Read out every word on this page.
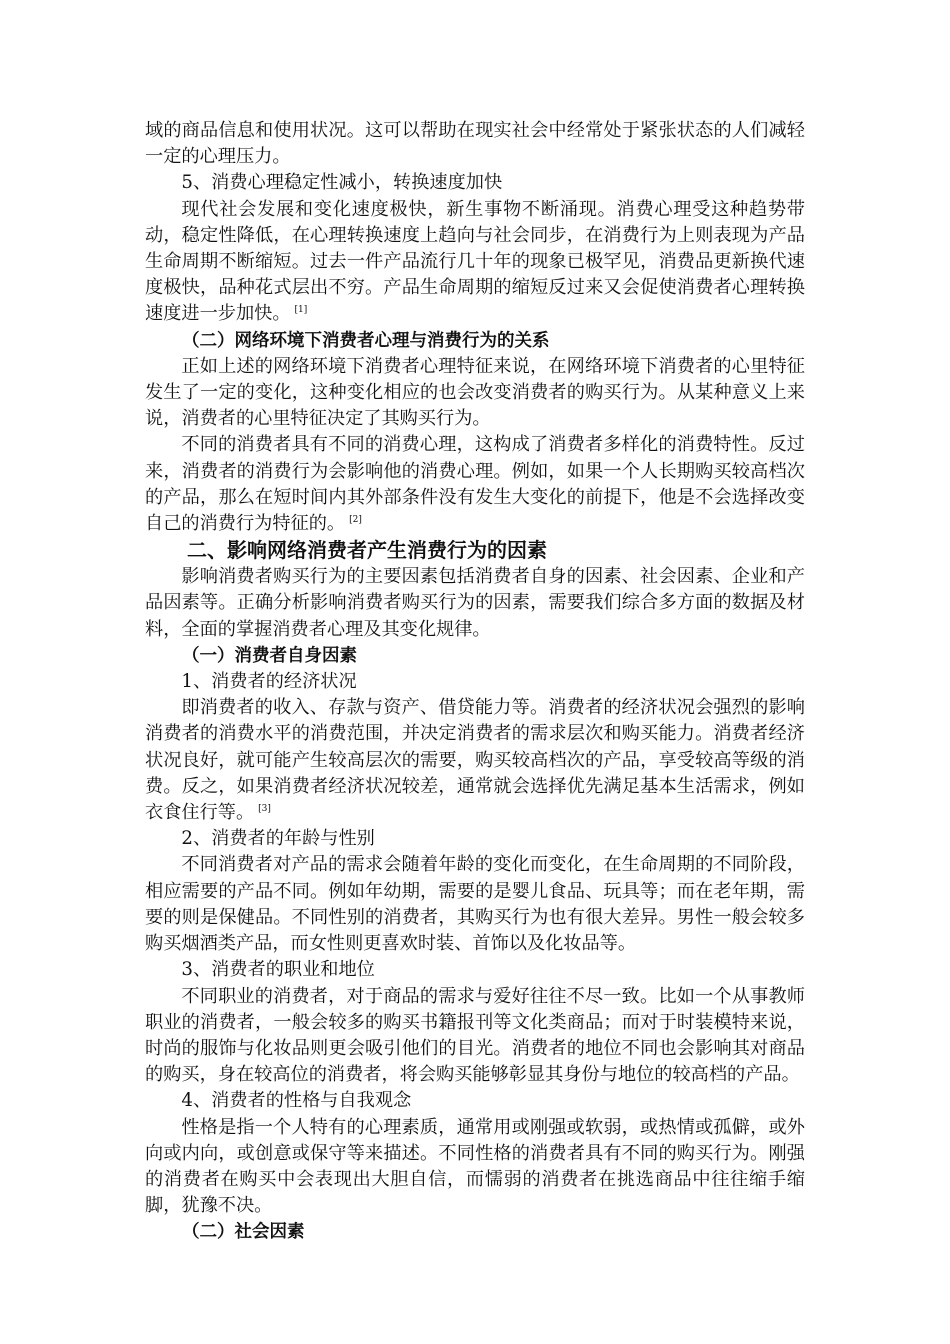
域的商品信息和使用状况。这可以帮助在现实社会中经常处于紧张状态的人们减轻一定的心理压力。

5、消费心理稳定性减小，转换速度加快

现代社会发展和变化速度极快，新生事物不断涌现。消费心理受这种趋势带动，稳定性降低，在心理转换速度上趋向与社会同步，在消费行为上则表现为产品生命周期不断缩短。过去一件产品流行几十年的现象已极罕见，消费品更新换代速度极快，品种花式层出不穷。产品生命周期的缩短反过来又会促使消费者心理转换速度进一步加快。 [1]

（二）网络环境下消费者心理与消费行为的关系

正如上述的网络环境下消费者心理特征来说，在网络环境下消费者的心里特征发生了一定的变化，这种变化相应的也会改变消费者的购买行为。从某种意义上来说，消费者的心里特征决定了其购买行为。

不同的消费者具有不同的消费心理，这构成了消费者多样化的消费特性。反过来，消费者的消费行为会影响他的消费心理。例如，如果一个人长期购买较高档次的产品，那么在短时间内其外部条件没有发生大变化的前提下，他是不会选择改变自己的消费行为特征的。 [2]

二、影响网络消费者产生消费行为的因素

影响消费者购买行为的主要因素包括消费者自身的因素、社会因素、企业和产品因素等。正确分析影响消费者购买行为的因素，需要我们综合多方面的数据及材料，全面的掌握消费者心理及其变化规律。

（一）消费者自身因素

1、消费者的经济状况

即消费者的收入、存款与资产、借贷能力等。消费者的经济状况会强烈的影响消费者的消费水平的消费范围，并决定消费者的需求层次和购买能力。消费者经济状况良好，就可能产生较高层次的需要，购买较高档次的产品，享受较高等级的消费。反之，如果消费者经济状况较差，通常就会选择优先满足基本生活需求，例如衣食住行等。 [3]

2、消费者的年龄与性别

不同消费者对产品的需求会随着年龄的变化而变化，在生命周期的不同阶段，相应需要的产品不同。例如年幼期，需要的是婴儿食品、玩具等；而在老年期，需要的则是保健品。不同性别的消费者，其购买行为也有很大差异。男性一般会较多购买烟酒类产品，而女性则更喜欢时装、首饰以及化妆品等。

3、消费者的职业和地位

不同职业的消费者，对于商品的需求与爱好往往不尽一致。比如一个从事教师职业的消费者，一般会较多的购买书籍报刊等文化类商品；而对于时装模特来说，时尚的服饰与化妆品则更会吸引他们的目光。消费者的地位不同也会影响其对商品的购买，身在较高位的消费者，将会购买能够彰显其身份与地位的较高档的产品。

4、消费者的性格与自我观念

性格是指一个人特有的心理素质，通常用或刚强或软弱，或热情或孤僻，或外向或内向，或创意或保守等来描述。不同性格的消费者具有不同的购买行为。刚强的消费者在购买中会表现出大胆自信，而懦弱的消费者在挑选商品中往往缩手缩脚，犹豫不决。

（二）社会因素
